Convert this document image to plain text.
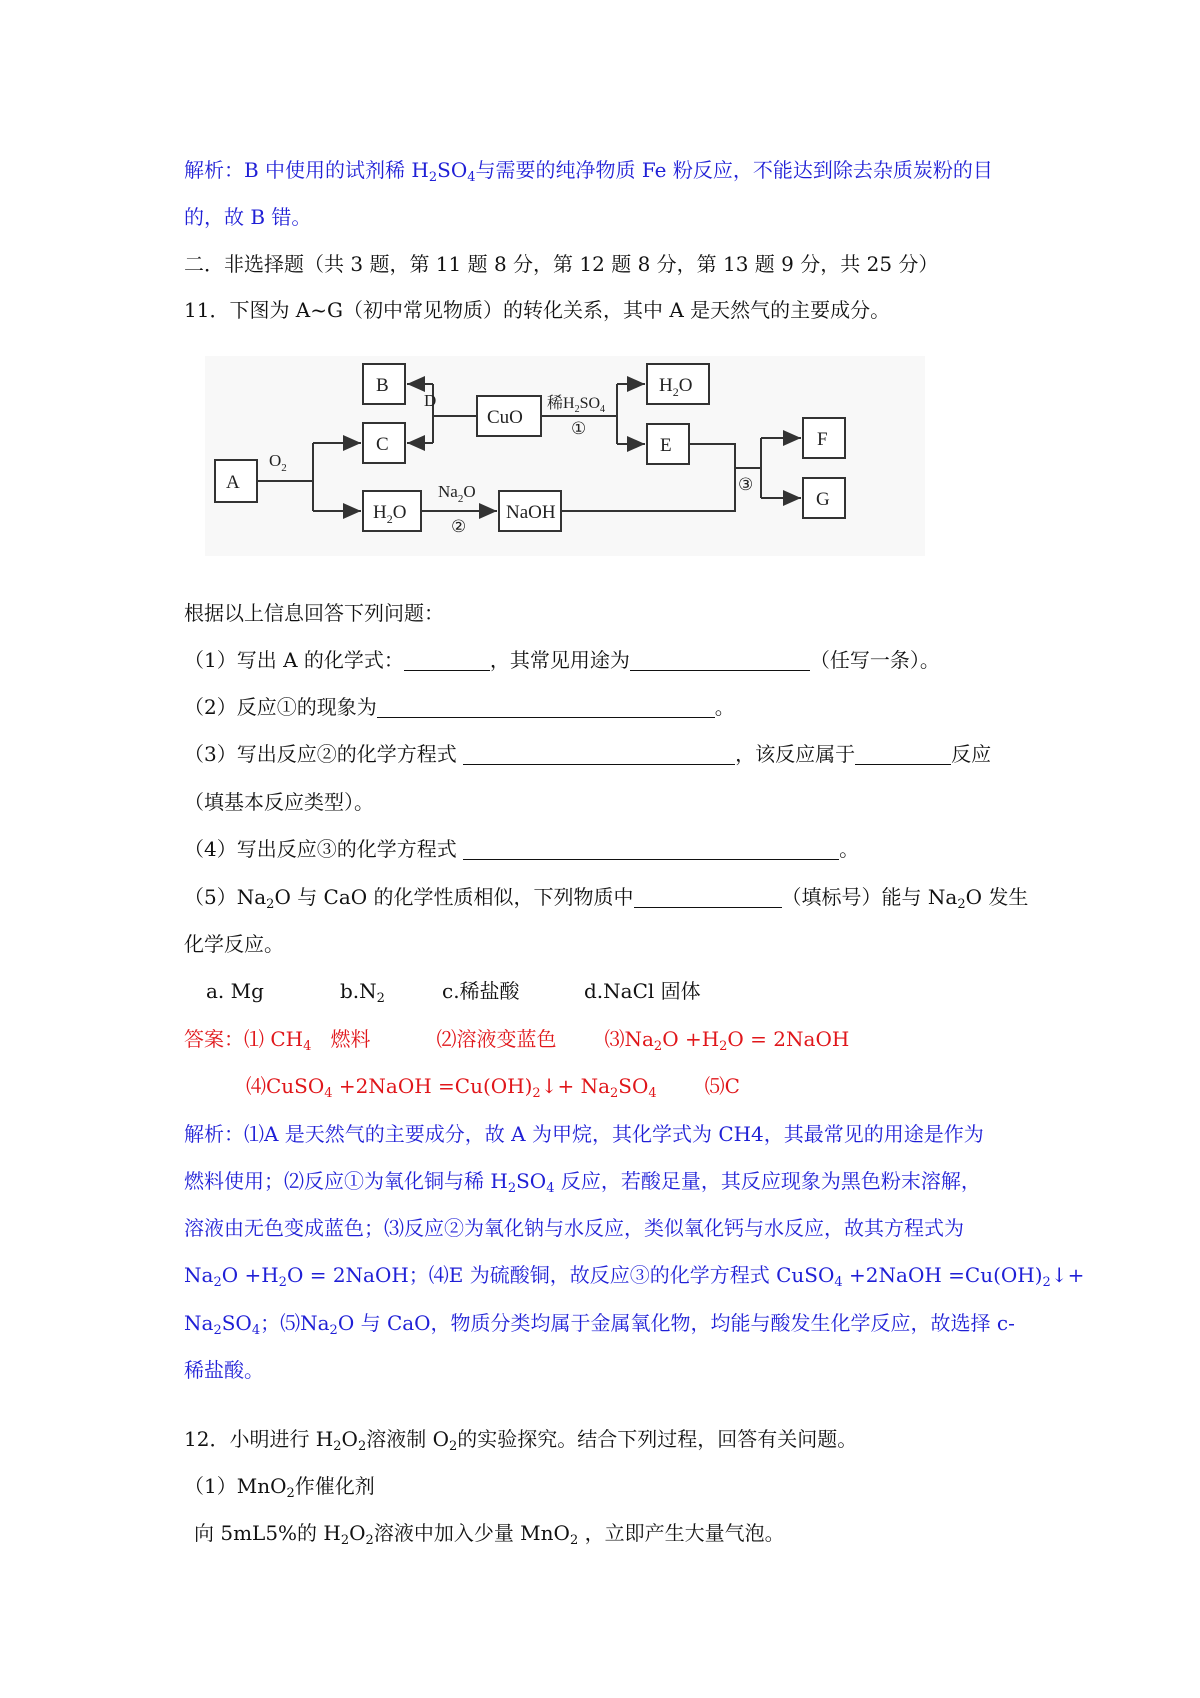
解析：B 中使用的试剂稀 $H_2SO_4$与需要的纯净物质 Fe 粉反应，不能达到除去杂质炭粉的目
的，故 B 错。
二．非选择题（共 3 题，第 11 题 8 分，第 12 题 8 分，第 13 题 9 分，共 25 分）
11．下图为 A~G（初中常见物质）的转化关系，其中 A 是天然气的主要成分。
A
B
C
$H_2O$
CuO
D
$O_2$
稀$H_2SO_4$
①
$H_2O$
E
$Na_2O$
②
NaOH
③
F
G
根据以上信息回答下列问题：
（1）写出 A 的化学式：	，其常见用途为	（任写一条）。
（2）反应①的现象为	。
（3）写出反应②的化学方程式	，该反应属于	反应
（填基本反应类型）。
（4）写出反应③的化学方程式	。
$(5)Na_2O$ 与 CaO 的化学性质相似，下列物质中	（填标号）能与 $Na_2O$ 发生
化学反应。
a. Mg	$b.N_2$	c.稀盐酸	d.NaCl 固体
答案：⑴ $CH_4$ 燃料	⑵溶液变蓝色 $⑶Na_2O +H_2O$ = 2NaOH
⑷CuSO$_4$ +2NaOH $=Cu(OH)_2↓+ Na_2SO_4$ ⑸C
解析：⑴A 是天然气的主要成分，故 A 为甲烷，其化学式为 CH4，其最常见的用途是作为
燃料使用；⑵反应①为氧化铜与稀 $H_2SO_4$ 反应，若酸足量，其反应现象为黑色粉末溶解，
溶液由无色变成蓝色；⑶反应②为氧化钠与水反应，类似氧化钙与水反应，故其方程式为
$Na_2O +H_2O$ = 2NaOH；⑷E 为硫酸铜，故反应③的化学方程式 CuSO$_4$ +2NaOH $=Cu(OH)_2↓+$
$Na_2SO_4$；$⑸Na_2O$ 与 CaO，物质分类均属于金属氧化物，均能与酸发生化学反应，故选择 c-
稀盐酸。
12．小明进行 $H_2O_2$溶液制 $O_2$的实验探究。结合下列过程，回答有关问题。
（1）MnO$_2$作催化剂
向 5mL5%的 $H_2O_2$溶液中加入少量 MnO$_2$ ，立即产生大量气泡。
